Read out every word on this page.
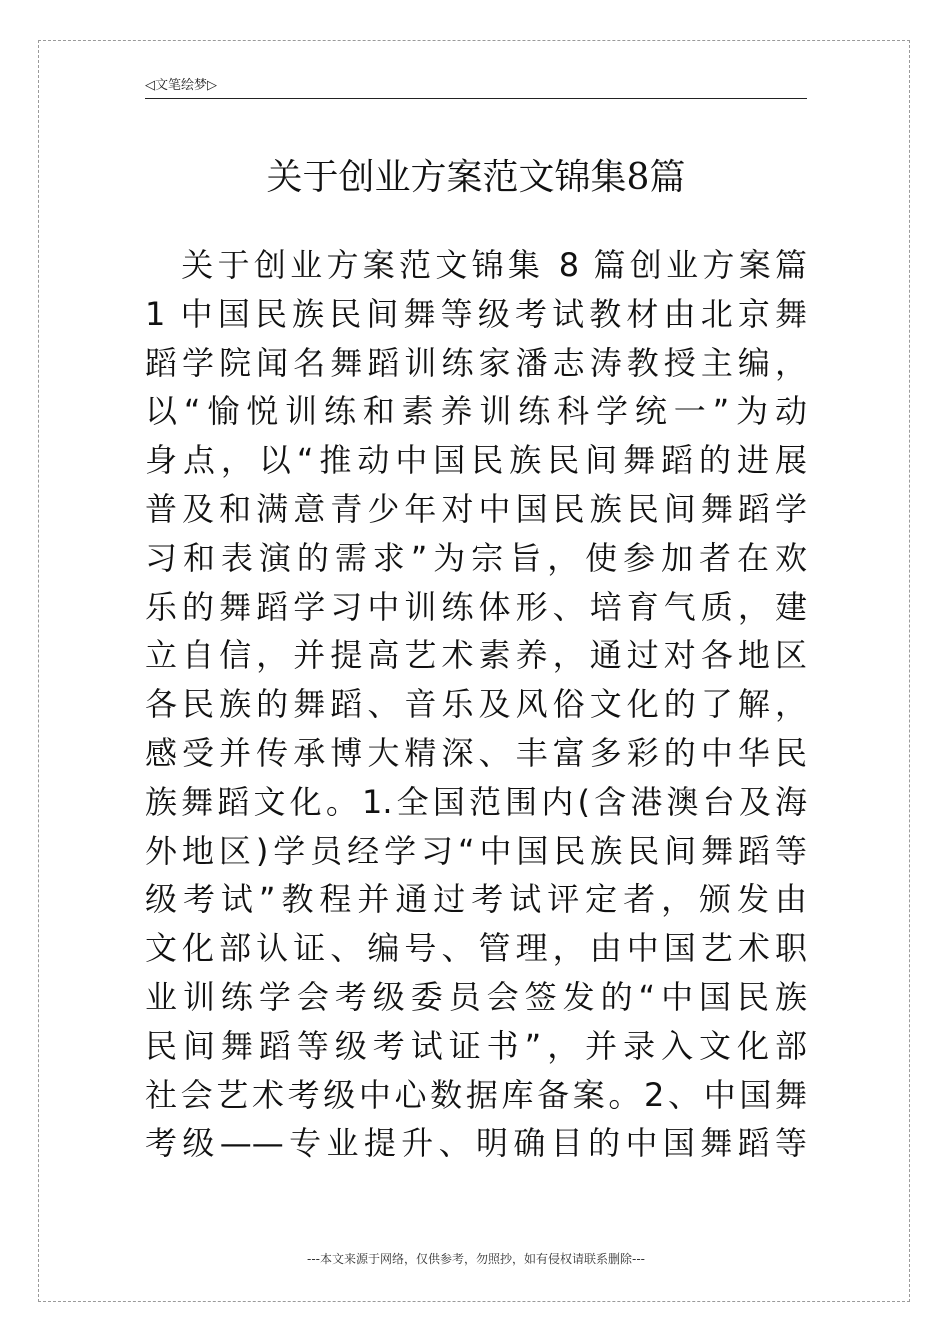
◁文笔绘梦▷
关于创业方案范文锦集8篇
　关于创业方案范文锦集 8 篇创业方案篇
1 中国民族民间舞等级考试教材由北京舞
蹈学院闻名舞蹈训练家潘志涛教授主编，
以“愉悦训练和素养训练科学统一”为动
身点，以“推动中国民族民间舞蹈的进展
普及和满意青少年对中国民族民间舞蹈学
习和表演的需求”为宗旨，使参加者在欢
乐的舞蹈学习中训练体形、培育气质，建
立自信，并提高艺术素养，通过对各地区
各民族的舞蹈、音乐及风俗文化的了解，
感受并传承博大精深、丰富多彩的中华民
族舞蹈文化。1.全国范围内(含港澳台及海
外地区)学员经学习“中国民族民间舞蹈等
级考试”教程并通过考试评定者，颁发由
文化部认证、编号、管理，由中国艺术职
业训练学会考级委员会签发的“中国民族
民间舞蹈等级考试证书”，并录入文化部
社会艺术考级中心数据库备案。2、中国舞
考级——专业提升、明确目的中国舞蹈等
---本文来源于网络，仅供参考，勿照抄，如有侵权请联系删除---
